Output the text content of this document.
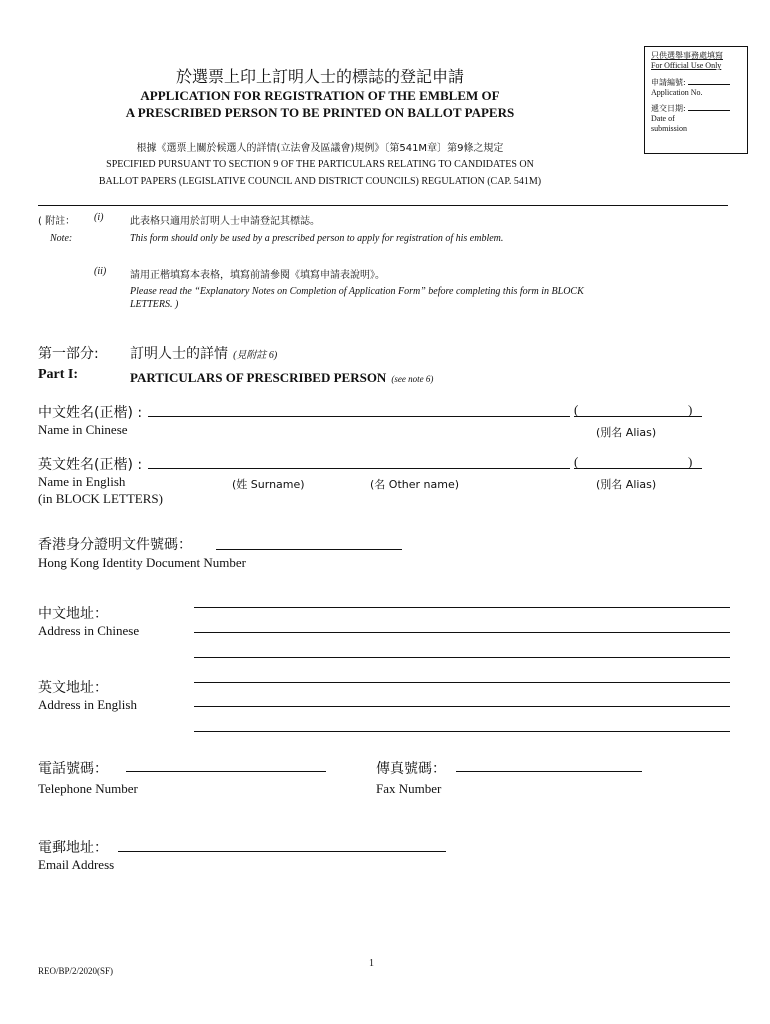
只供選舉事務處填寫
For Official Use Only
申請編號:
Application No.
遞交日期:
Date of
submission
於選票上印上訂明人士的標誌的登記申請
APPLICATION FOR REGISTRATION OF THE EMBLEM OF
A PRESCRIBED PERSON TO BE PRINTED ON BALLOT PAPERS
根據《選票上關於候選人的詳情(立法會及區議會)規例》〔第541M章〕第9條之規定
SPECIFIED PURSUANT TO SECTION 9 OF THE PARTICULARS RELATING TO CANDIDATES ON
BALLOT PAPERS (LEGISLATIVE COUNCIL AND DISTRICT COUNCILS) REGULATION (CAP. 541M)
( 附註： (i)	此表格只適用於訂明人士申請登記其標誌。
Note:	This form should only be used by a prescribed person to apply for registration of his emblem.
(ii) 請用正楷填寫本表格，填寫前請參閱《填寫申請表說明》。
Please read the “Explanatory Notes on Completion of Application Form” before completing this form in BLOCK
LETTERS. )
第一部分: 訂明人士的詳情 (見附註 6)
Part I:	PARTICULARS OF PRESCRIBED PERSON (see note 6)
中文姓名(正楷) :	(	)
Name in Chinese	(別名 Alias)
英文姓名(正楷) :	(	)
Name in English
(in BLOCK LETTERS)
(姓 Surname)	(名 Other name)	(別名 Alias)
香港身分證明文件號碼：
Hong Kong Identity Document Number
中文地址：
Address in Chinese
英文地址：
Address in English
電話號碼：
Telephone Number
傳真號碼：
Fax Number
電郵地址：
Email Address
1
REO/BP/2/2020(SF)
